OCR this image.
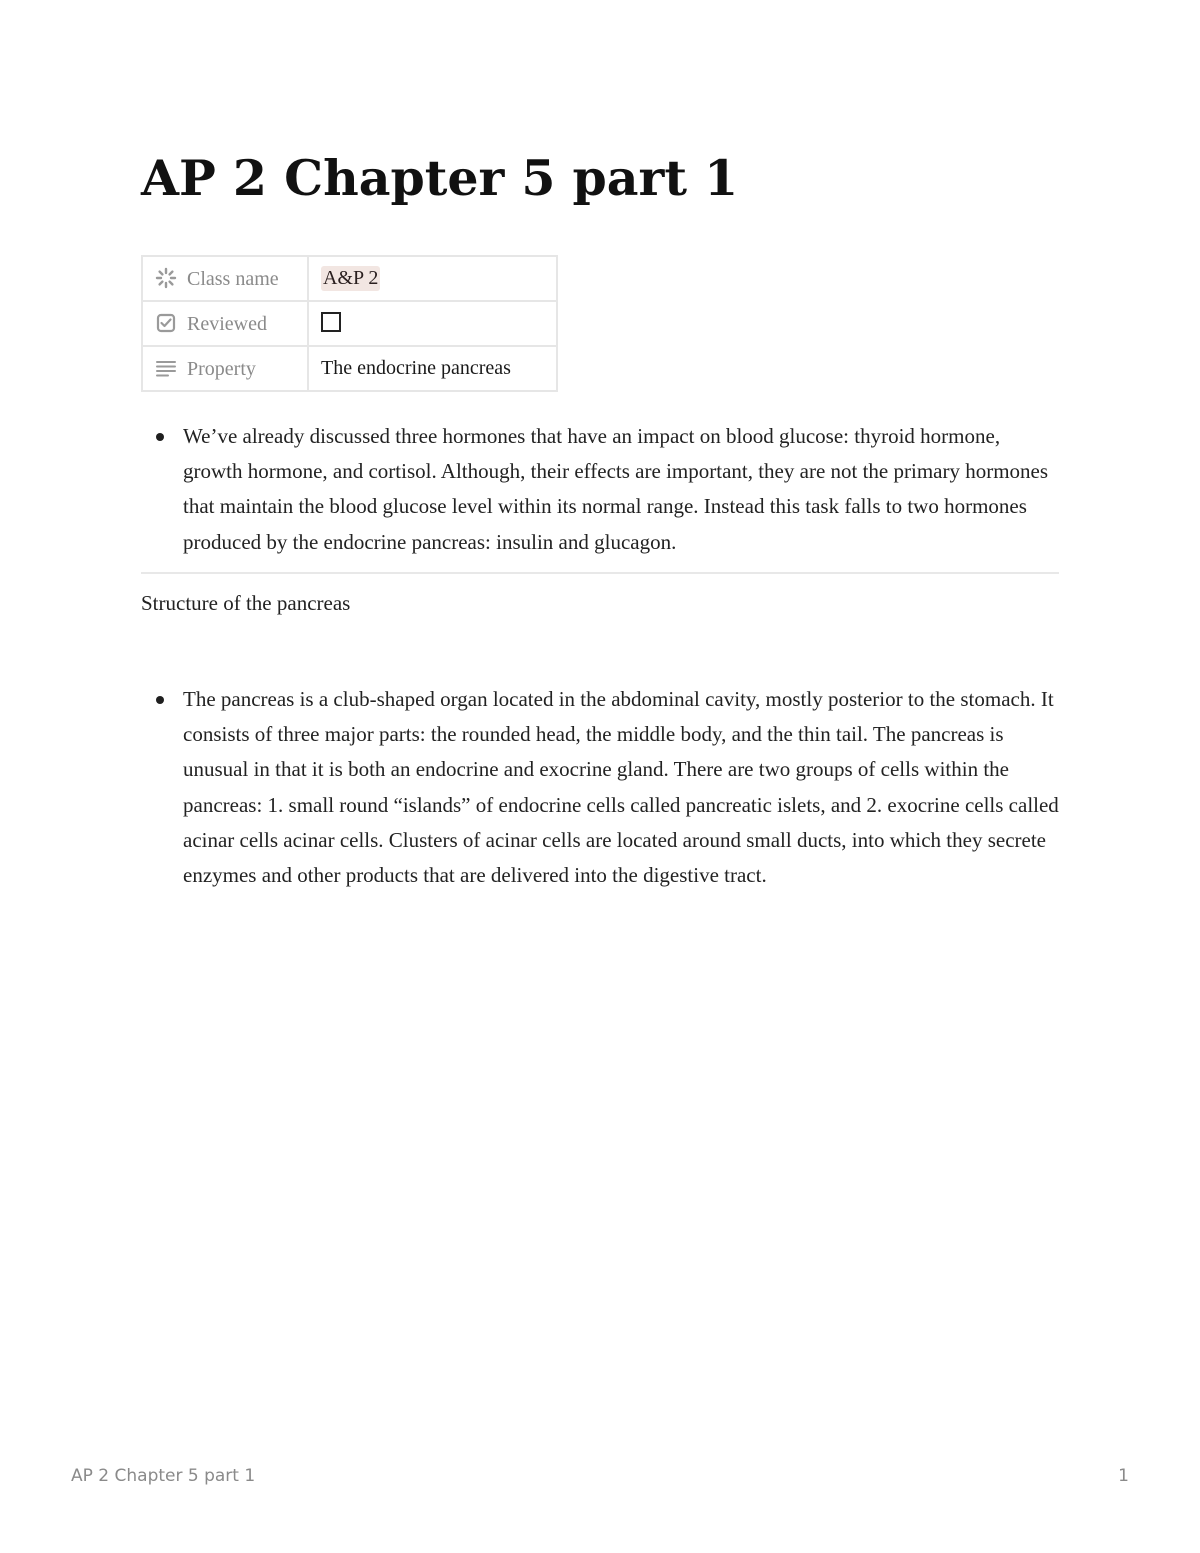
AP 2 Chapter 5 part 1
Class name	A&P 2
Reviewed	
Property	The endocrine pancreas
We’ve already discussed three hormones that have an impact on blood glucose: thyroid hormone, growth hormone, and cortisol. Although, their effects are important, they are not the primary hormones that maintain the blood glucose level within its normal range. Instead this task falls to two hormones produced by the endocrine pancreas: insulin and glucagon.
Structure of the pancreas
The pancreas is a club-shaped organ located in the abdominal cavity, mostly posterior to the stomach. It consists of three major parts: the rounded head, the middle body, and the thin tail. The pancreas is unusual in that it is both an endocrine and exocrine gland. There are two groups of cells within the pancreas: 1. small round “islands” of endocrine cells called pancreatic islets, and 2. exocrine cells called acinar cells acinar cells. Clusters of acinar cells are located around small ducts, into which they secrete enzymes and other products that are delivered into the digestive tract.
AP 2 Chapter 5 part 1	1
